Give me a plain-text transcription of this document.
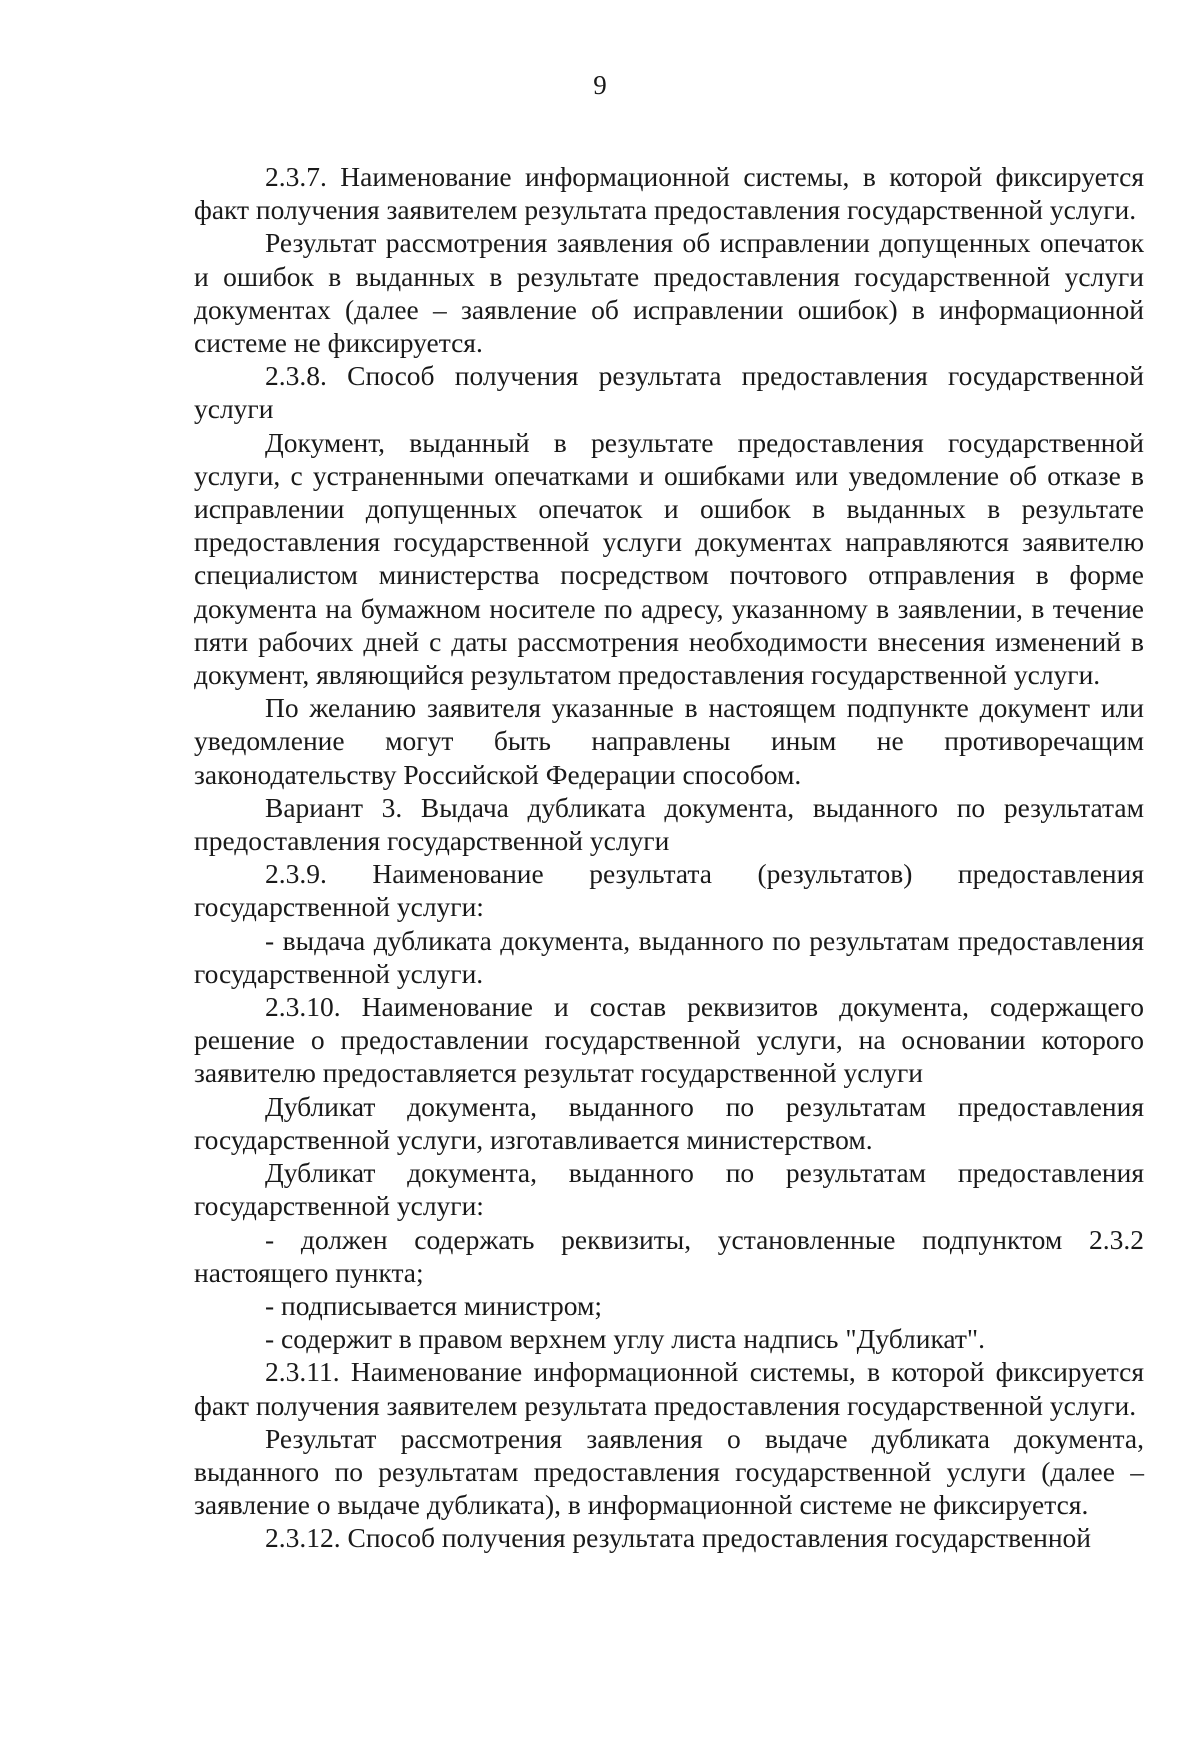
9

2.3.7. Наименование информационной системы, в которой фиксируется факт получения заявителем результата предоставления государственной услуги.

Результат рассмотрения заявления об исправлении допущенных опечаток и ошибок в выданных в результате предоставления государственной услуги документах (далее – заявление об исправлении ошибок) в информационной системе не фиксируется.

2.3.8. Способ получения результата предоставления государственной услуги

Документ, выданный в результате предоставления государственной услуги, с устраненными опечатками и ошибками или уведомление об отказе в исправлении допущенных опечаток и ошибок в выданных в результате предоставления государственной услуги документах направляются заявителю специалистом министерства посредством почтового отправления в форме документа на бумажном носителе по адресу, указанному в заявлении, в течение пяти рабочих дней с даты рассмотрения необходимости внесения изменений в документ, являющийся результатом предоставления государственной услуги.

По желанию заявителя указанные в настоящем подпункте документ или уведомление могут быть направлены иным не противоречащим законодательству Российской Федерации способом.

Вариант 3. Выдача дубликата документа, выданного по результатам предоставления государственной услуги

2.3.9. Наименование результата (результатов) предоставления государственной услуги:

- выдача дубликата документа, выданного по результатам предоставления государственной услуги.

2.3.10. Наименование и состав реквизитов документа, содержащего решение о предоставлении государственной услуги, на основании которого заявителю предоставляется результат государственной услуги

Дубликат документа, выданного по результатам предоставления государственной услуги, изготавливается министерством.

Дубликат документа, выданного по результатам предоставления государственной услуги:

- должен содержать реквизиты, установленные подпунктом 2.3.2 настоящего пункта;

- подписывается министром;

- содержит в правом верхнем углу листа надпись "Дубликат".

2.3.11. Наименование информационной системы, в которой фиксируется факт получения заявителем результата предоставления государственной услуги.

Результат рассмотрения заявления о выдаче дубликата документа, выданного по результатам предоставления государственной услуги (далее – заявление о выдаче дубликата), в информационной системе не фиксируется.

2.3.12. Способ получения результата предоставления государственной
